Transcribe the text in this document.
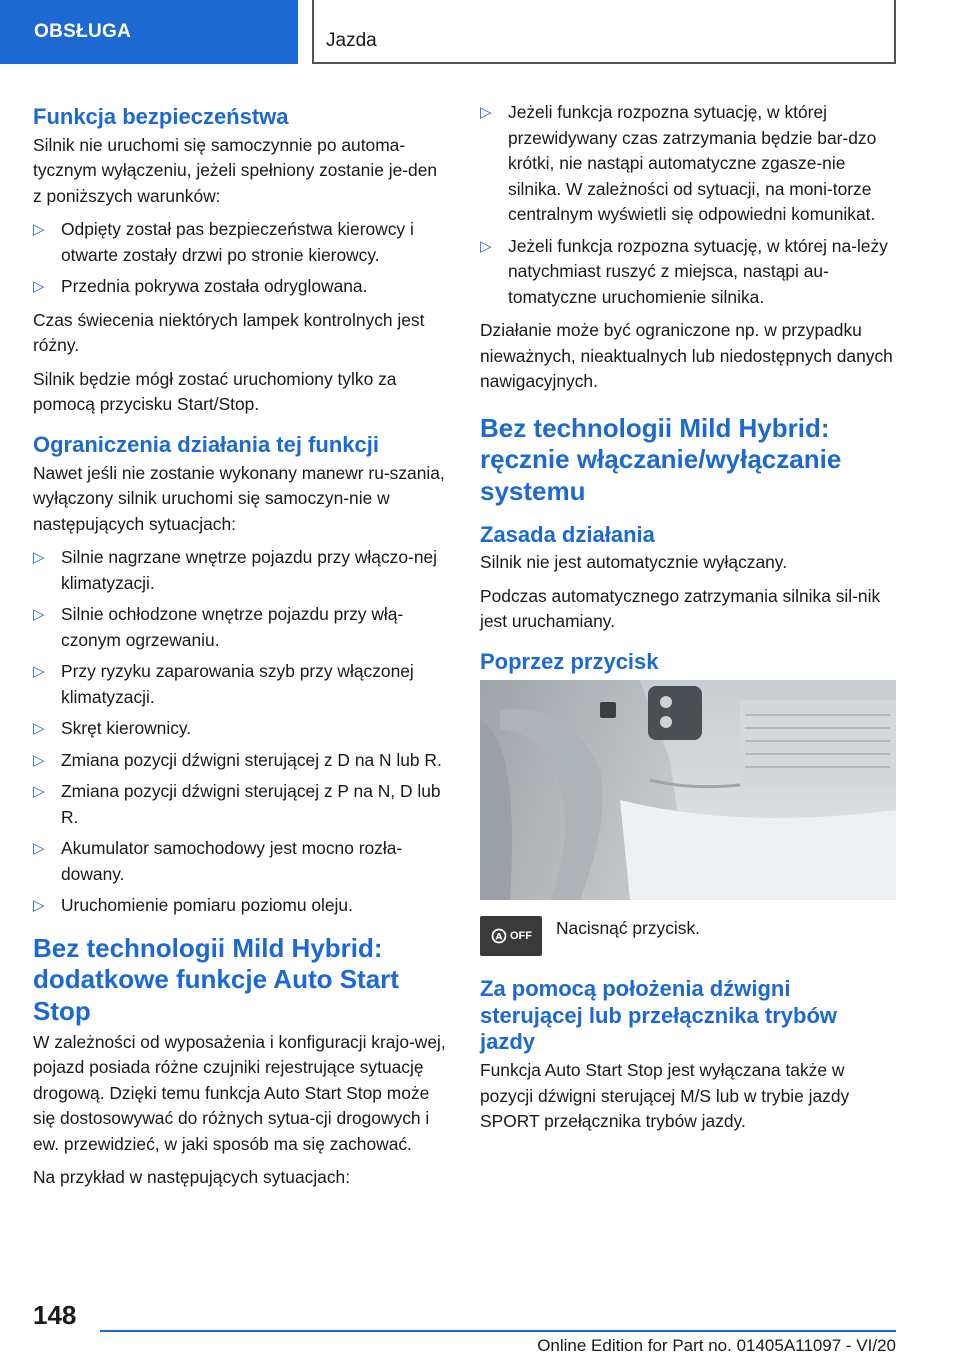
OBSŁUGA	Jazda
Funkcja bezpieczeństwa

Silnik nie uruchomi się samoczynnie po automa-tycznym wyłączeniu, jeżeli spełniony zostanie je-den z poniższych warunków:

▷ Odpięty został pas bezpieczeństwa kierowcy i otwarte zostały drzwi po stronie kierowcy.
▷ Przednia pokrywa została odryglowana.

Czas świecenia niektórych lampek kontrolnych jest różny.

Silnik będzie mógł zostać uruchomiony tylko za pomocą przycisku Start/Stop.

Ograniczenia działania tej funkcji

Nawet jeśli nie zostanie wykonany manewr ru-szania, wyłączony silnik uruchomi się samoczyn-nie w następujących sytuacjach:

▷ Silnie nagrzane wnętrze pojazdu przy włączo-nej klimatyzacji.
▷ Silnie ochłodzone wnętrze pojazdu przy włą-czonym ogrzewaniu.
▷ Przy ryzyku zaparowania szyb przy włączonej klimatyzacji.
▷ Skręt kierownicy.
▷ Zmiana pozycji dźwigni sterującej z D na N lub R.
▷ Zmiana pozycji dźwigni sterującej z P na N, D lub R.
▷ Akumulator samochodowy jest mocno rozła-dowany.
▷ Uruchomienie pomiaru poziomu oleju.
Bez technologii Mild Hybrid: dodatkowe funkcje Auto Start Stop

W zależności od wyposażenia i konfiguracji krajo-wej, pojazd posiada różne czujniki rejestrujące sytuację drogową. Dzięki temu funkcja Auto Start Stop może się dostosowywać do różnych sytua-cji drogowych i ew. przewidzieć, w jaki sposób ma się zachować.

Na przykład w następujących sytuacjach:

▷ Jeżeli funkcja rozpozna sytuację, w której przewidywany czas zatrzymania będzie bar-dzo krótki, nie nastąpi automatyczne zgasze-nie silnika. W zależności od sytuacji, na moni-torze centralnym wyświetli się odpowiedni komunikat.
▷ Jeżeli funkcja rozpozna sytuację, w której na-leży natychmiast ruszyć z miejsca, nastąpi au-tomatyczne uruchomienie silnika.

Działanie może być ograniczone np. w przypadku nieważnych, nieaktualnych lub niedostępnych danych nawigacyjnych.

Bez technologii Mild Hybrid: ręcznie włączanie/wyłączanie systemu
Zasada działania

Silnik nie jest automatycznie wyłączany.

Podczas automatycznego zatrzymania silnika sil-nik jest uruchamiany.

Poprzez przycisk
A OFF Nacisnąć przycisk.

Za pomocą położenia dźwigni sterującej lub przełącznika trybów jazdy

Funkcja Auto Start Stop jest wyłączana także w pozycji dźwigni sterującej M/S lub w trybie jazdy SPORT przełącznika trybów jazdy.

148
Online Edition for Part no. 01405A11097 - VI/20
